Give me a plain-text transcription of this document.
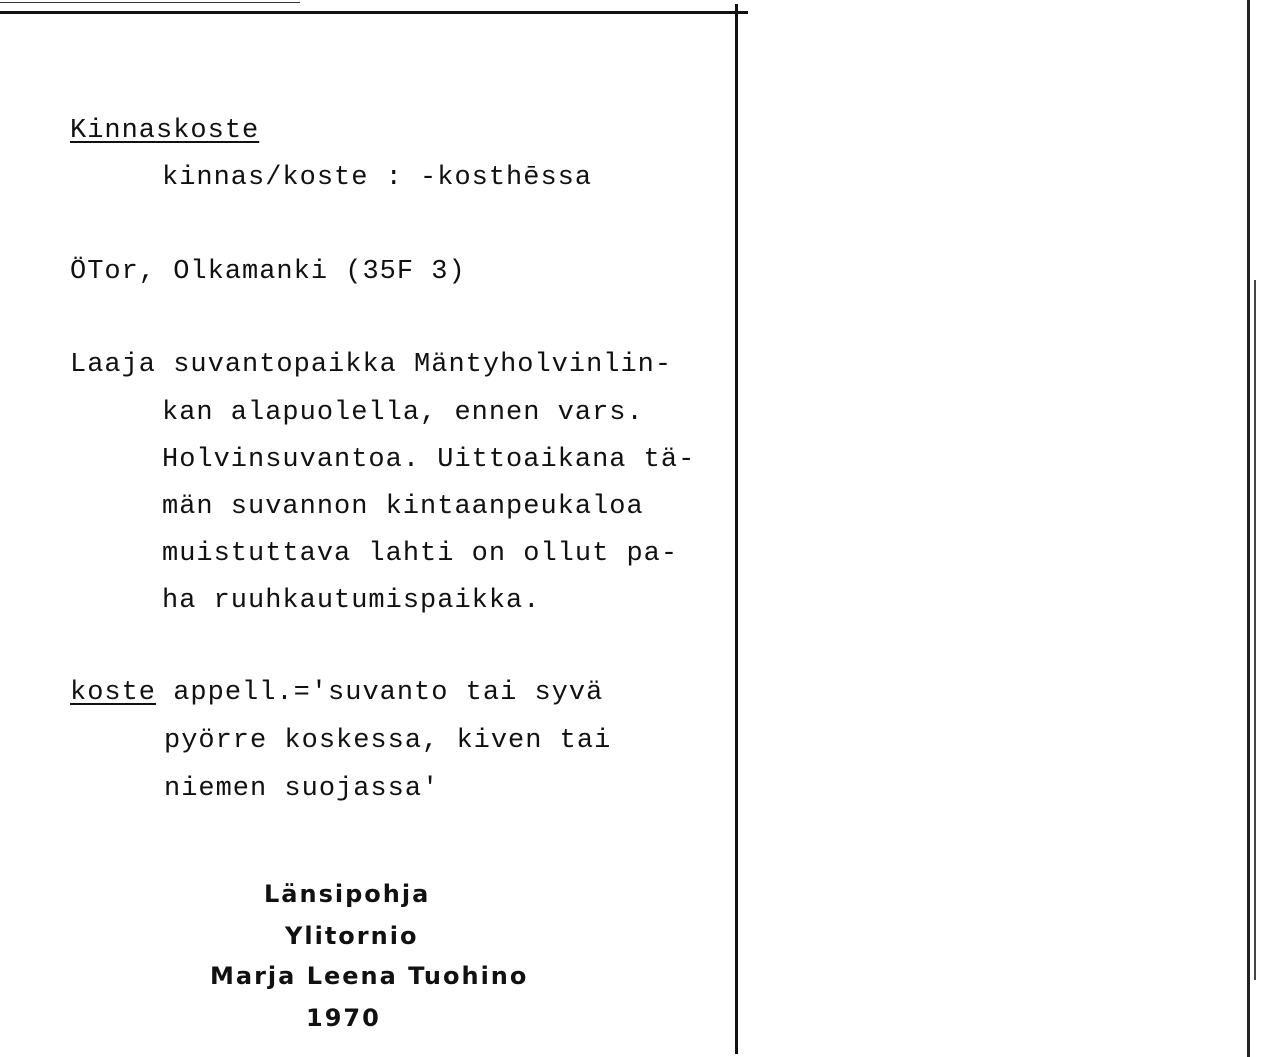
Kinnaskoste
kinnas/koste : -kosthēssa
ÖTor, Olkamanki (35F 3)
Laaja suvantopaikka Mäntyholvinlin-
kan alapuolella, ennen vars.
Holvinsuvantoa. Uittoaikana tä-
män suvannon kintaanpeukaloa
muistuttava lahti on ollut pa-
ha ruuhkautumispaikka.
koste appell.='suvanto tai syvä
pyörre koskessa, kiven tai
niemen suojassa'
Länsipohja
Ylitornio
Marja Leena Tuohino
1970
